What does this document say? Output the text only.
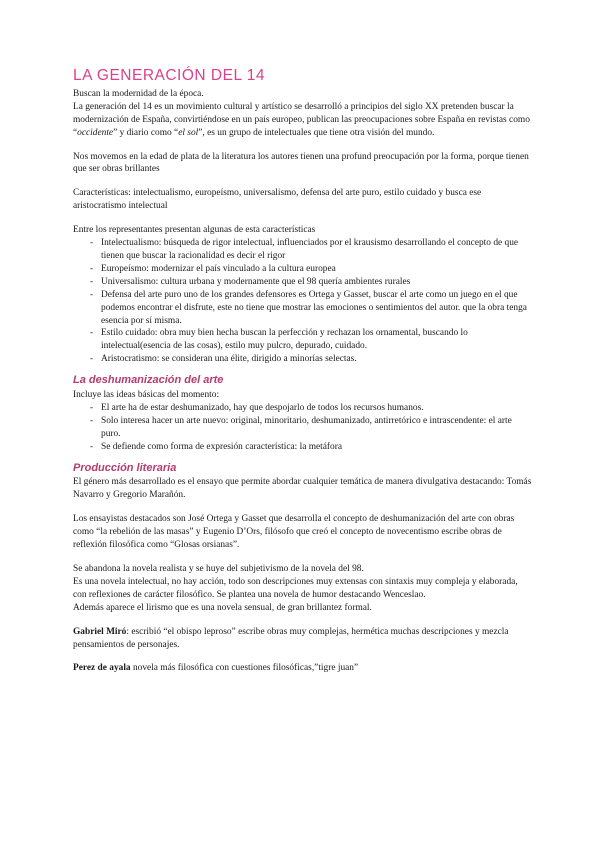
LA GENERACIÓN DEL 14

Buscan la modernidad de la época.

La generación del 14 es un movimiento cultural y artístico se desarrolló a principios del siglo XX pretenden buscar la modernización de España, convirtiéndose en un país europeo, publican las preocupaciones sobre España en revistas como “occidente” y diario como “el sol”, es un grupo de intelectuales que tiene otra visión del mundo.

Nos movemos en la edad de plata de la literatura los autores tienen una profund preocupación por la forma, porque tienen que ser obras brillantes

Características: intelectualismo, europeísmo, universalismo, defensa del arte puro, estilo cuidado y busca ese aristocratismo intelectual

Entre los representantes presentan algunas de esta características

- Intelectualismo: búsqueda de rigor intelectual, influenciados por el krausismo desarrollando el concepto de que tienen que buscar la racionalidad es decir el rigor
- Europeísmo: modernizar el país vinculado a la cultura europea
- Universalismo: cultura urbana y modernamente que el 98 quería ambientes rurales
- Defensa del arte puro uno de los grandes defensores es Ortega y Gasset, buscar el arte como un juego en el que podemos encontrar el disfrute, este no tiene que mostrar las emociones o sentimientos del autor. que la obra tenga esencia por sí misma.
- Estilo cuidado: obra muy bien hecha buscan la perfección y rechazan los ornamental, buscando lo intelectual(esencia de las cosas), estilo muy pulcro, depurado, cuidado.
- Aristocratismo: se consideran una élite, dirigido a minorías selectas.
La deshumanización del arte

Incluye las ideas básicas del momento:

- El arte ha de estar deshumanizado, hay que despojarlo de todos los recursos humanos.
- Solo interesa hacer un arte nuevo: original, minoritario, deshumanizado, antirretórico e intrascendente: el arte puro.
- Se defiende como forma de expresión característica: la metáfora
Producción literaria

El género más desarrollado es el ensayo que permite abordar cualquier temática de manera divulgativa destacando: Tomás Navarro y Gregorio Marañón.

Los ensayistas destacados son José Ortega y Gasset que desarrolla el concepto de deshumanización del arte con obras como “la rebelión de las masas” y Eugenio D’Ors, filósofo que creó el concepto de novecentismo escribe obras de reflexión filosófica como “Glosas orsianas”.

Se abandona la novela realista y se huye del subjetivismo de la novela del 98.

Es una novela intelectual, no hay acción, todo son descripciones muy extensas con sintaxis muy compleja y elaborada, con reflexiones de carácter filosófico. Se plantea una novela de humor destacando Wenceslao.

Además aparece el lirismo que es una novela sensual, de gran brillantez formal.

Gabriel Miró: escribió “el obispo leproso” escribe obras muy complejas, hermética muchas descripciones y mezcla pensamientos de personajes.

Perez de ayala novela más filosófica con cuestiones filosóficas,”tigre juan”
